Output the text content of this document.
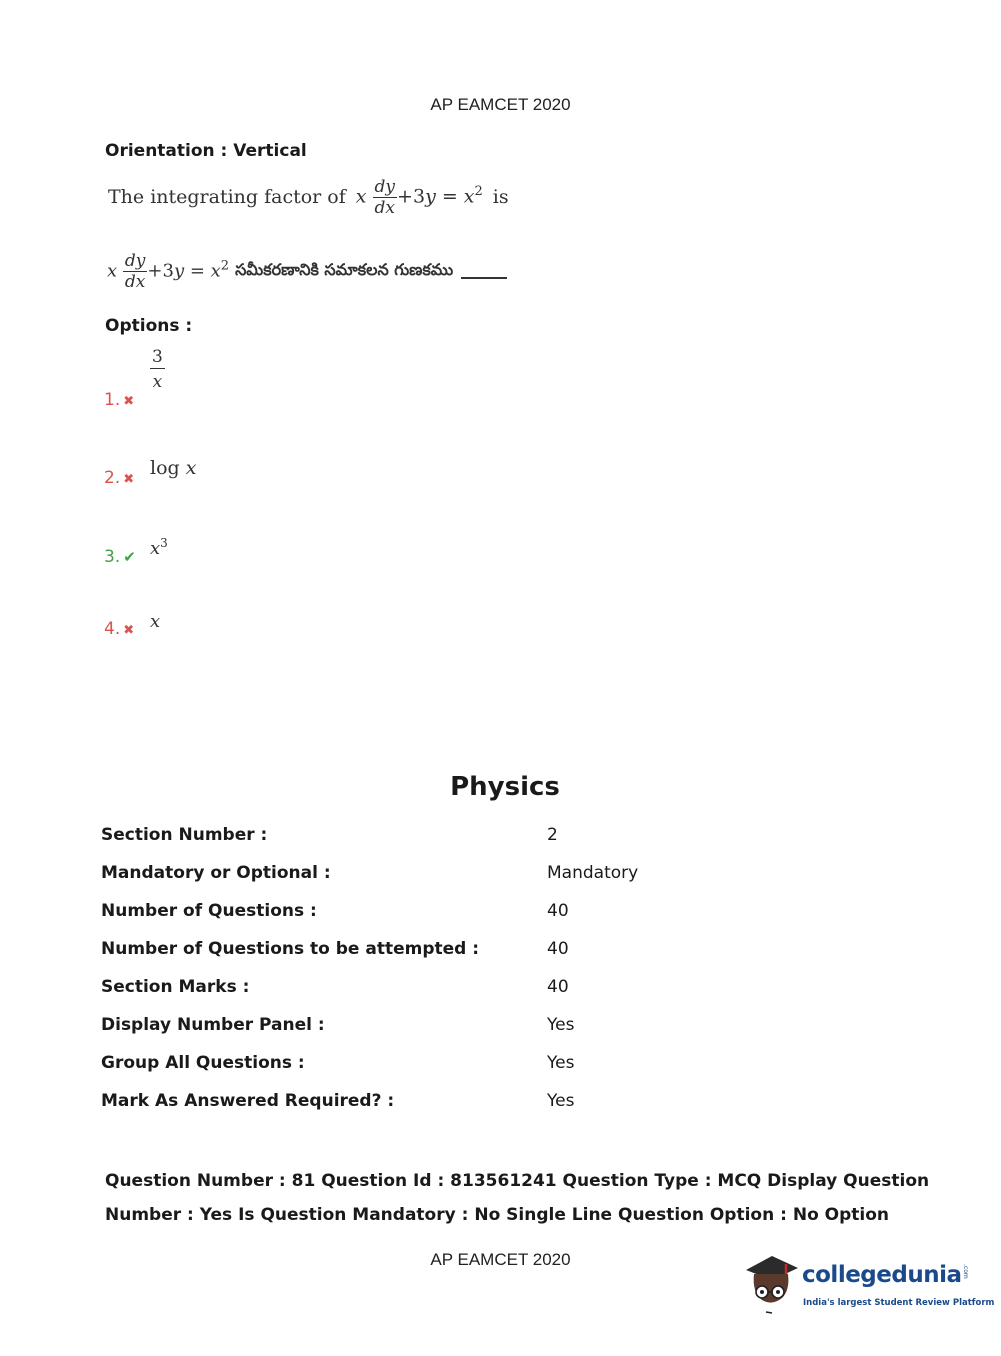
AP EAMCET 2020
Orientation : Vertical
The integrating factor of x $\frac{dy}{dx} +3y = x^2$ is
x $\frac{dy}{dx} +3y = x^2$ సమీకరణానికి సమాకలన గుణకము
Options :
1. ✖
3
x
2. ✖
log x
3. ✔ $x^3$
4. ✖ x
Physics
Section Number :	2
Mandatory or Optional :	Mandatory
Number of Questions :	40
Number of Questions to be attempted :	40
Section Marks :	40
Display Number Panel :	Yes
Group All Questions :	Yes
Mark As Answered Required? :	Yes
Question Number : 81 Question Id : 813561241 Question Type : MCQ Display Question
Number : Yes Is Question Mandatory : No Single Line Question Option : No Option
AP EAMCET 2020
collegedunia .com
India's largest Student Review Platform
